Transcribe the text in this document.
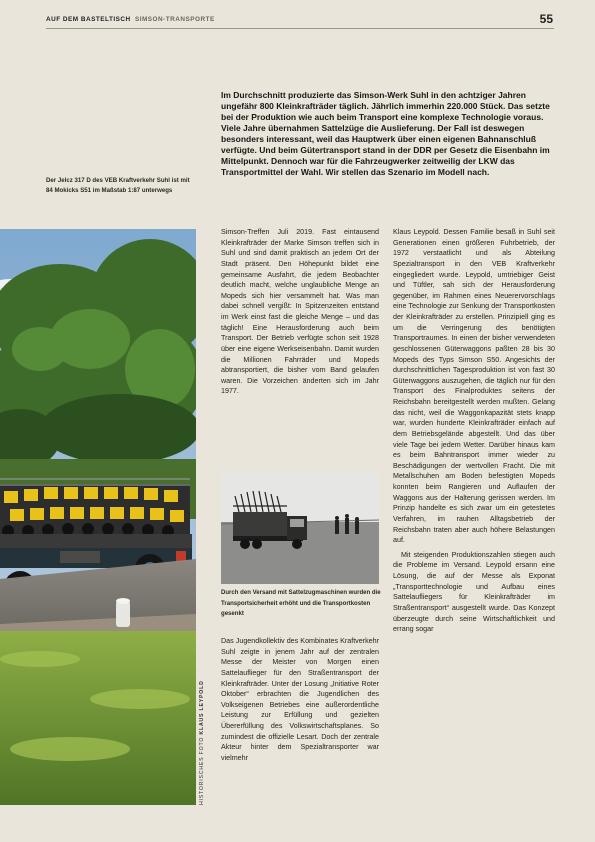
AUF DEM BASTELTISCH SIMSON-TRANSPORTE	55
Im Durchschnitt produzierte das Simson-Werk Suhl in den achtziger Jahren ungefähr 800 Kleinkrafträder täglich. Jährlich immerhin 220.000 Stück. Das setzte bei der Produktion wie auch beim Transport eine komplexe Technologie voraus. Viele Jahre übernahmen Sattelzüge die Auslieferung. Der Fall ist deswegen besonders interessant, weil das Hauptwerk über einen eigenen Bahnanschluß verfügte. Und beim Gütertransport stand in der DDR per Gesetz die Eisenbahn im Mittelpunkt. Dennoch war für die Fahrzeugwerker zeitweilig der LKW das Transportmittel der Wahl. Wir stellen das Szenario im Modell nach.
Der Jelcz 317 D des VEB Kraftverkehr Suhl ist mit 84 Mokicks S51 im Maßstab 1:87 unterwegs
HISTORISCHES FOTO KLAUS LEYPOLD

Simson-Treffen Juli 2019. Fast eintausend Kleinkrafträder der Marke Simson treffen sich in Suhl und sind damit praktisch an jedem Ort der Stadt präsent. Den Höhepunkt bildet eine gemeinsame Ausfahrt, die jedem Beobachter deutlich macht, welche unglaubliche Menge an Mopeds sich hier versammelt hat. Was man dabei schnell vergißt: In Spitzenzeiten entstand im Werk einst fast die gleiche Menge – und das täglich! Eine Herausforderung auch beim Transport. Der Betrieb verfügte schon seit 1928 über eine eigene Werkseisenbahn. Damit wurden die Millionen Fahrräder und Mopeds abtransportiert, die bisher vom Band gelaufen waren. Die Vorzeichen änderten sich im Jahr 1977.

Durch den Versand mit Sattelzugmaschinen wurden die Transportsicherheit erhöht und die Transportkosten gesenkt

Das Jugendkollektiv des Kombinates Kraftverkehr Suhl zeigte in jenem Jahr auf der zentralen Messe der Meister von Morgen einen Sattelauflieger für den Straßentransport der Kleinkrafträder. Unter der Losung „Initiative Roter Oktober“ erbrachten die Jugendlichen des Volkseigenen Betriebes eine außerordentliche Leistung zur Erfüllung und gezielten Übererfüllung des Volkswirtschaftsplanes. So zumindest die offizielle Lesart. Doch der zentrale Akteur hinter dem Spezialtransporter war vielmehr

Klaus Leypold. Dessen Familie besaß in Suhl seit Generationen einen größeren Fuhrbetrieb, der 1972 verstaatlicht und als Abteilung Spezialtransport in den VEB Kraftverkehr eingegliedert wurde. Leypold, umtriebiger Geist und Tüftler, sah sich der Herausforderung gegenüber, im Rahmen eines Neuerervorschlags eine Technologie zur Senkung der Transportkosten der Kleinkrafträder zu erstellen. Prinzipiell ging es um die Verringerung des benötigten Transportraumes. In einen der bisher verwendeten geschlossenen Güterwaggons paßten 28 bis 30 Mopeds des Typs Simson S50. Angesichts der durchschnittlichen Tagesproduktion ist von fast 30 Güterwaggons auszugehen, die täglich nur für den Transport des Finalproduktes seitens der Reichsbahn bereitgestellt werden mußten. Gelang das nicht, weil die Waggonkapazität stets knapp war, wurden hunderte Kleinkrafträder einfach auf dem Betriebsgelände abgestellt. Und das über viele Tage bei jedem Wetter. Darüber hinaus kam es beim Bahntransport immer wieder zu Beschädigungen der wertvollen Fracht. Die mit Metallschuhen am Boden befestigten Mopeds konnten beim Rangieren und Auflaufen der Waggons aus der Halterung gerissen werden. Im Prinzip handelte es sich zwar um ein getestetes Verfahren, im rauhen Alltagsbetrieb der Reichsbahn traten aber auch höhere Belastungen auf.

Mit steigenden Produktionszahlen stiegen auch die Probleme im Versand. Leypold ersann eine Lösung, die auf der Messe als Exponat „Transporttechnologie und Aufbau eines Sattelaufliegers für Kleinkrafträder im Straßentransport“ ausgestellt wurde. Das Konzept überzeugte durch seine Wirtschaftlichkeit und errang sogar
